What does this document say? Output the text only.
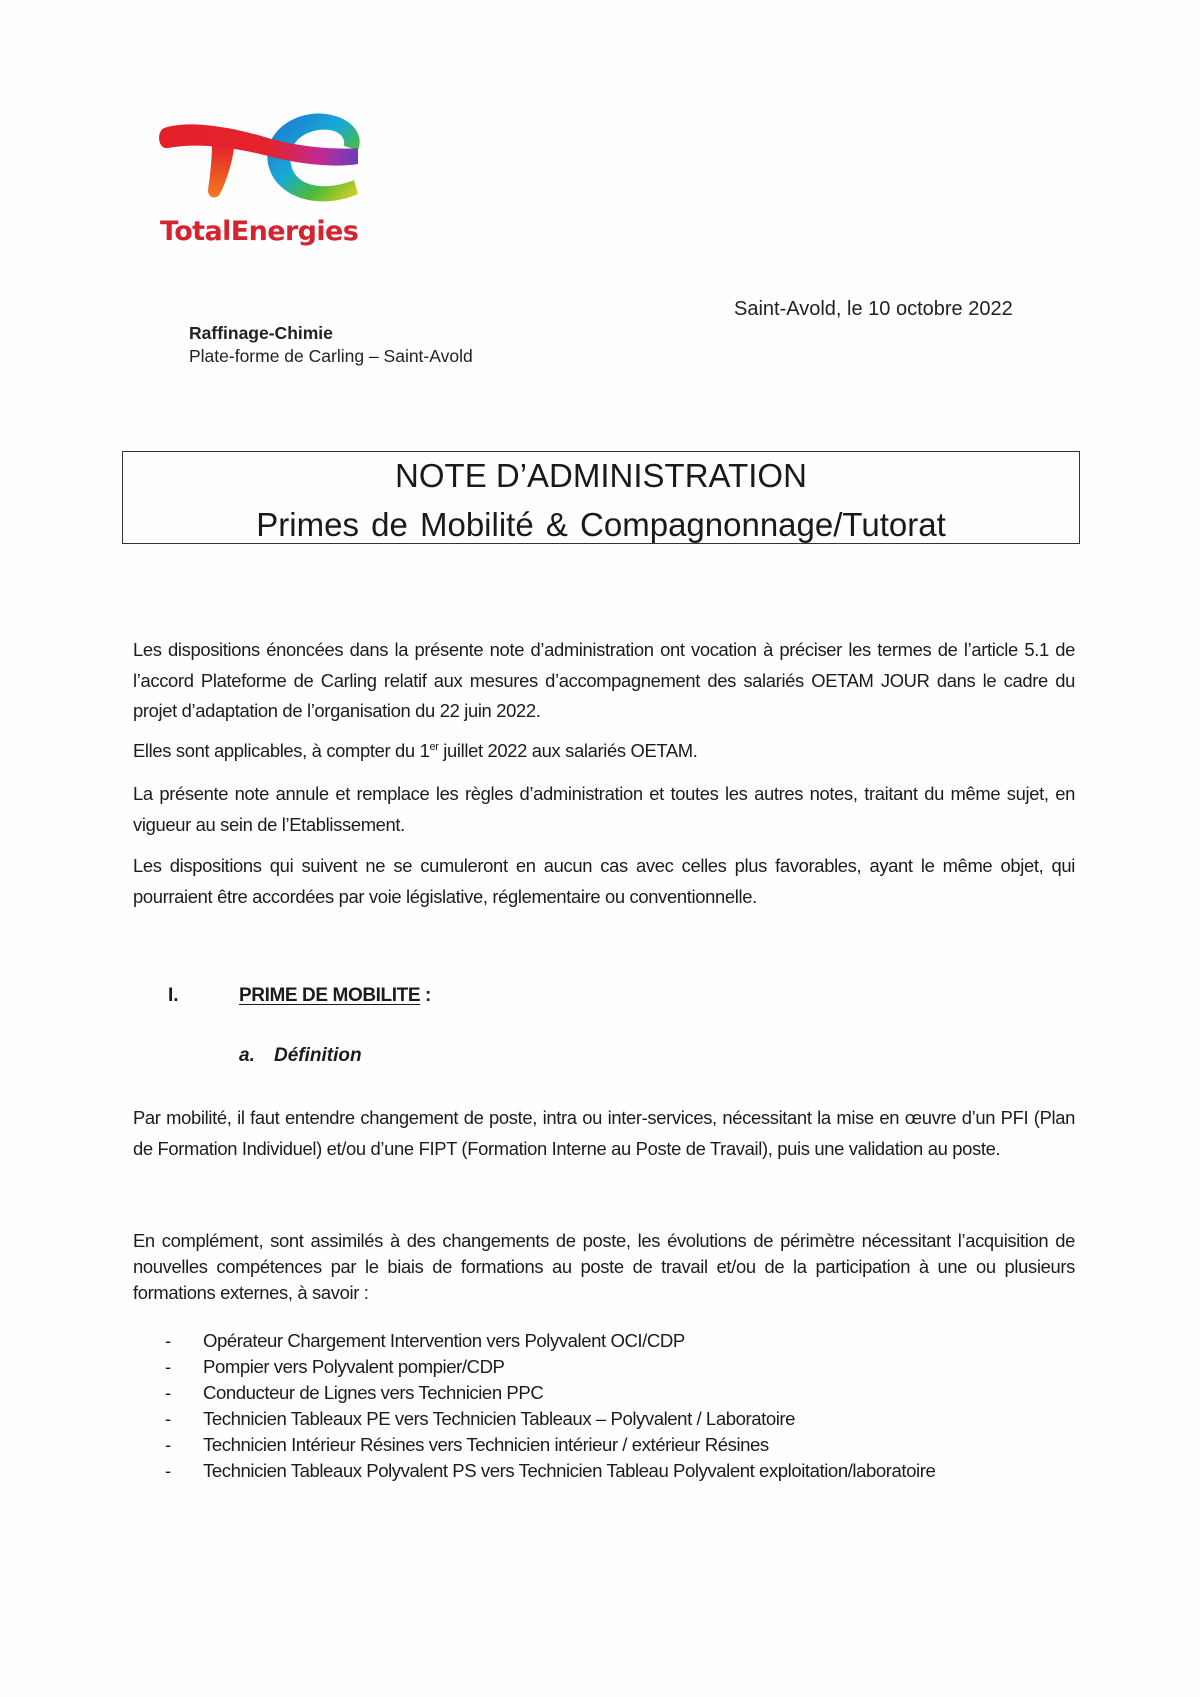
TotalEnergies
Raffinage-Chimie
Plate-forme de Carling – Saint-Avold
Saint-Avold, le 10 octobre 2022
NOTE D’ADMINISTRATION
Primes de Mobilité & Compagnonnage/Tutorat
Les dispositions énoncées dans la présente note d’administration ont vocation à préciser les termes de l’article 5.1 de l’accord Plateforme de Carling relatif aux mesures d’accompagnement des salariés OETAM JOUR dans le cadre du projet d’adaptation de l’organisation du 22 juin 2022.
Elles sont applicables, à compter du 1er juillet 2022 aux salariés OETAM.
La présente note annule et remplace les règles d’administration et toutes les autres notes, traitant du même sujet, en vigueur au sein de l’Etablissement.
Les dispositions qui suivent ne se cumuleront en aucun cas avec celles plus favorables, ayant le même objet, qui pourraient être accordées par voie législative, réglementaire ou conventionnelle.
I.	PRIME DE MOBILITE :
a. Définition
Par mobilité, il faut entendre changement de poste, intra ou inter-services, nécessitant la mise en œuvre d’un PFI (Plan de Formation Individuel) et/ou d’une FIPT (Formation Interne au Poste de Travail), puis une validation au poste.
En complément, sont assimilés à des changements de poste, les évolutions de périmètre nécessitant l’acquisition de nouvelles compétences par le biais de formations au poste de travail et/ou de la participation à une ou plusieurs formations externes, à savoir :
- Opérateur Chargement Intervention vers Polyvalent OCI/CDP
- Pompier vers Polyvalent pompier/CDP
- Conducteur de Lignes vers Technicien PPC
- Technicien Tableaux PE vers Technicien Tableaux – Polyvalent / Laboratoire
- Technicien Intérieur Résines vers Technicien intérieur / extérieur Résines
- Technicien Tableaux Polyvalent PS vers Technicien Tableau Polyvalent exploitation/laboratoire
